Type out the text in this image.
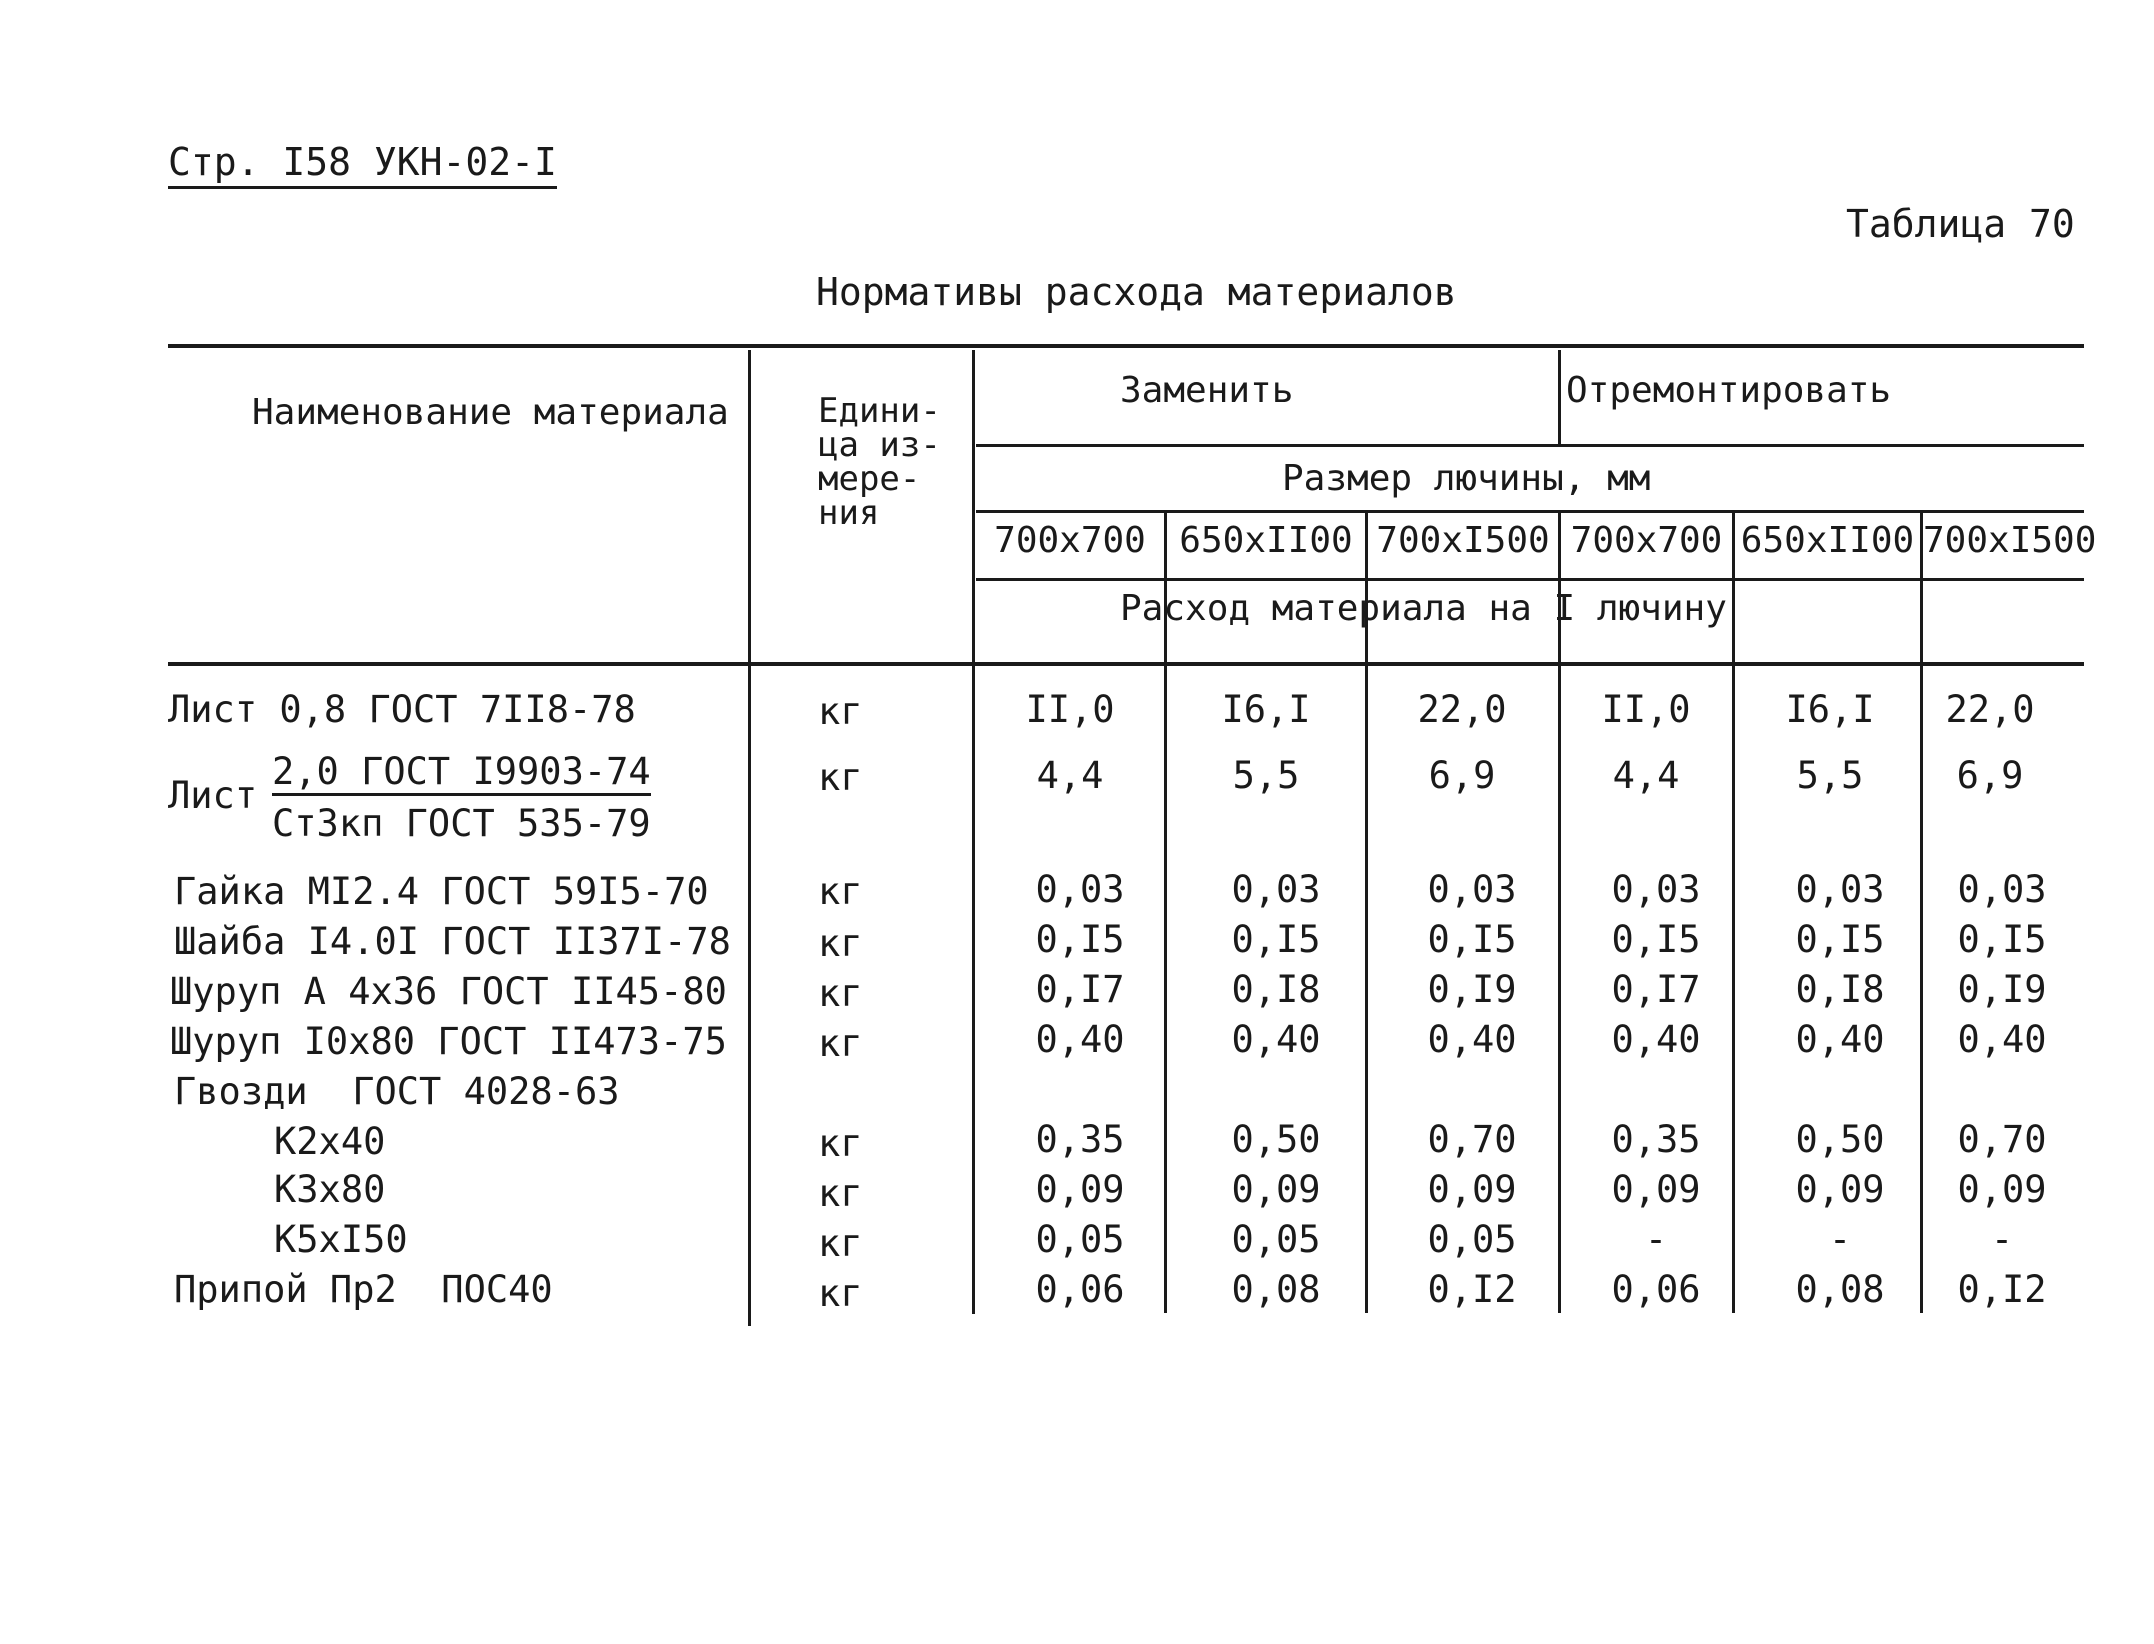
Стр. I58 УКН-02-I
Таблица 70
Нормативы расхода материалов
Наименование материала	Едини-
ца из-
мере-
ния
Заменить	Отремонтировать
Размер лючины, мм
700х700 650хII00 700хI500 700х700 650хII00 700хI500
Расход материала на I лючину
Лист 0,8 ГОСТ 7II8-78	кг	II,0	I6,I	22,0	II,0	I6,I	22,0
Лист
2,0 ГОСТ I9903-74
Ст3кп ГОСТ 535-79
кг	4,4	5,5	6,9	4,4	5,5	6,9
Гайка МI2.4 ГОСТ 59I5-70	кг	0,03	0,03	0,03	0,03	0,03	0,03
Шайба I4.0I ГОСТ II37I-78 кг	0,I5	0,I5	0,I5	0,I5	0,I5	0,I5
Шуруп А 4х36 ГОСТ II45-80 кг	0,I7	0,I8	0,I9	0,I7	0,I8	0,I9
Шуруп I0х80 ГОСТ II473-75 кг	0,40	0,40	0,40	0,40	0,40	0,40
Гвозди  ГОСТ 4028-63
К2х40	кг	0,35	0,50	0,70	0,35	0,50	0,70
К3х80	кг	0,09	0,09	0,09	0,09	0,09	0,09
К5хI50	кг	0,05	0,05	0,05	-	-	-
Припой Пр2  ПОС40	кг	0,06	0,08	0,I2	0,06	0,08	0,I2
